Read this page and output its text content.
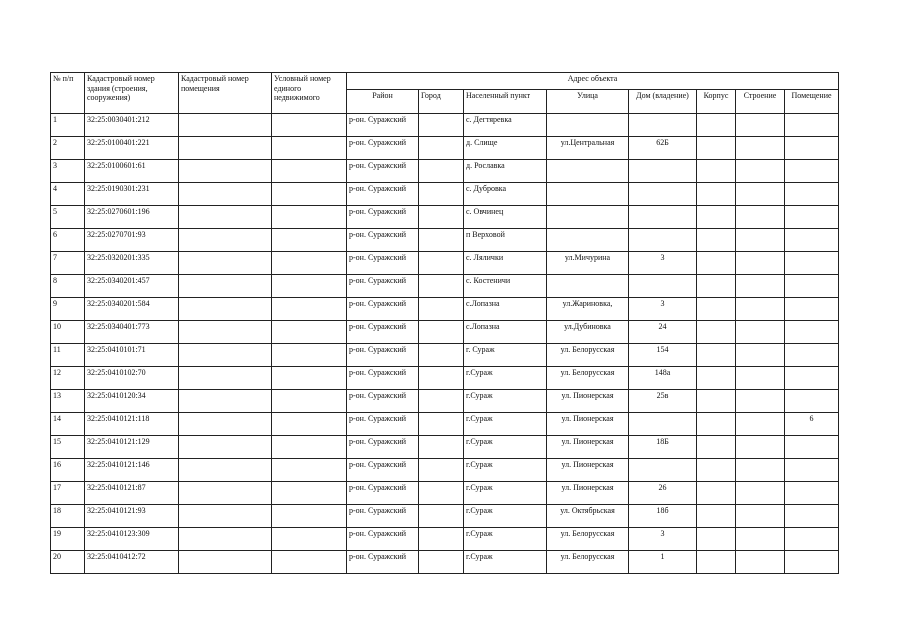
№ п/п	Кадастровый номер здания (строения, сооружения)	Кадастровый номер помещения	Условный номер единого недвижимого	Адрес объекта							
				Район	Город	Населенный пункт	Улица	Дом (владение)	Корпус	Строение	Помещение
1	32:25:0030401:212			р-он. Суражский		с. Дегтяревка					
2	32:25:0100401:221			р-он. Суражский		д. Слище	ул.Центральная	62Б			
3	32:25:0100601:61			р-он. Суражский		д. Рославка					
4	32:25:0190301:231			р-он. Суражский		с. Дубровка					
5	32:25:0270601:196			р-он. Суражский		с. Овчинец					
6	32:25:0270701:93			р-он. Суражский		п Верховой					
7	32:25:0320201:335			р-он. Суражский		с. Лялички	ул.Мичурина	3			
8	32:25:0340201:457			р-он. Суражский		с. Костеничи					
9	32:25:0340201:584			р-он. Суражский		с.Лопазна	ул.Жариновка,	3			
10	32:25:0340401:773			р-он. Суражский		с.Лопазна	ул.Дубиновка	24			
11	32:25:0410101:71			р-он. Суражский		г. Сураж	ул. Белорусская	154			
12	32:25:0410102:70			р-он. Суражский		г.Сураж	ул. Белорусская	148а			
13	32:25:0410120:34			р-он. Суражский		г.Сураж	ул. Пионерская	25в			
14	32:25:0410121:118			р-он. Суражский		г.Сураж	ул. Пионерская				6
15	32:25:0410121:129			р-он. Суражский		г.Сураж	ул. Пионерская	18Б			
16	32:25:0410121:146			р-он. Суражский		г.Сураж	ул. Пионерская				
17	32:25:0410121:87			р-он. Суражский		г.Сураж	ул. Пионерская	26			
18	32:25:0410121:93			р-он. Суражский		г.Сураж	ул. Октябрьская	18б			
19	32:25:0410123:309			р-он. Суражский		г.Сураж	ул. Белорусская	3			
20	32:25:0410412:72			р-он. Суражский		г.Сураж	ул. Белорусская	1			
